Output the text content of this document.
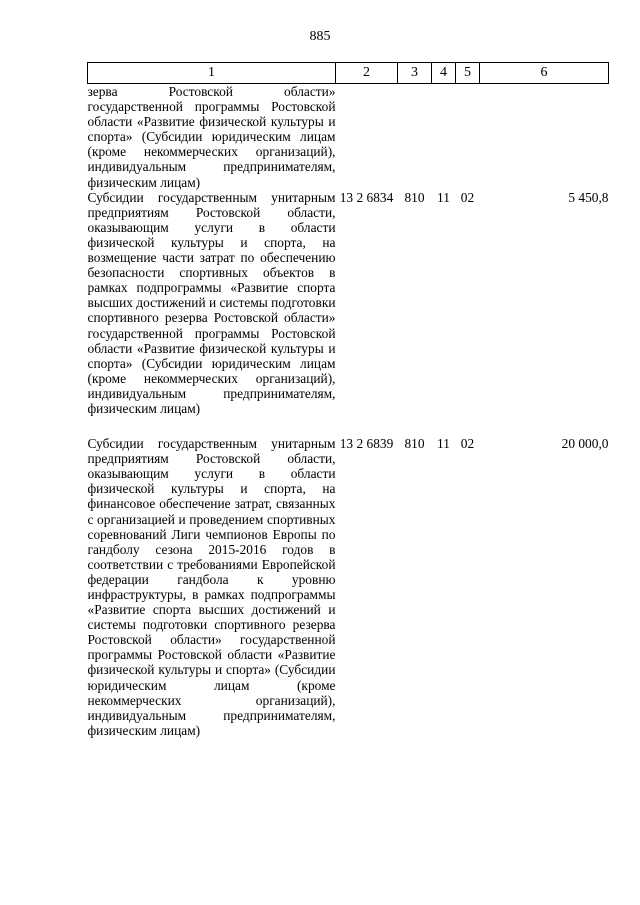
885
1	2	3	4	5	6
зерва Ростовской области» государственной программы Ростовской области «Развитие физической культуры и спорта» (Субсидии юридическим лицам (кроме некоммерческих организаций), индивидуальным предпринимателям, физическим лицам)					
Субсидии государственным унитарным предприятиям Ростовской области, оказывающим услуги в области физической культуры и спорта, на возмещение части затрат по обеспечению безопасности спортивных объектов в рамках подпрограммы «Развитие спорта высших достижений и системы подготовки спортивного резерва Ростовской области» государственной программы Ростовской области «Развитие физической культуры и спорта» (Субсидии юридическим лицам (кроме некоммерческих организаций), индивидуальным предпринимателям, физическим лицам)	13 2 6834	810	11	02	5 450,8
Субсидии государственным унитарным предприятиям Ростовской области, оказывающим услуги в области физической культуры и спорта, на финансовое обеспечение затрат, связанных с организацией и проведением спортивных соревнований Лиги чемпионов Европы по гандболу сезона 2015-2016 годов в соответствии с требованиями Европейской федерации гандбола к уровню инфраструктуры, в рамках подпрограммы «Развитие спорта высших достижений и системы подготовки спортивного резерва Ростовской области» государственной программы Ростовской области «Развитие физической культуры и спорта» (Субсидии юридическим лицам (кроме некоммерческих организаций), индивидуальным предпринимателям, физическим лицам)	13 2 6839	810	11	02	20 000,0
